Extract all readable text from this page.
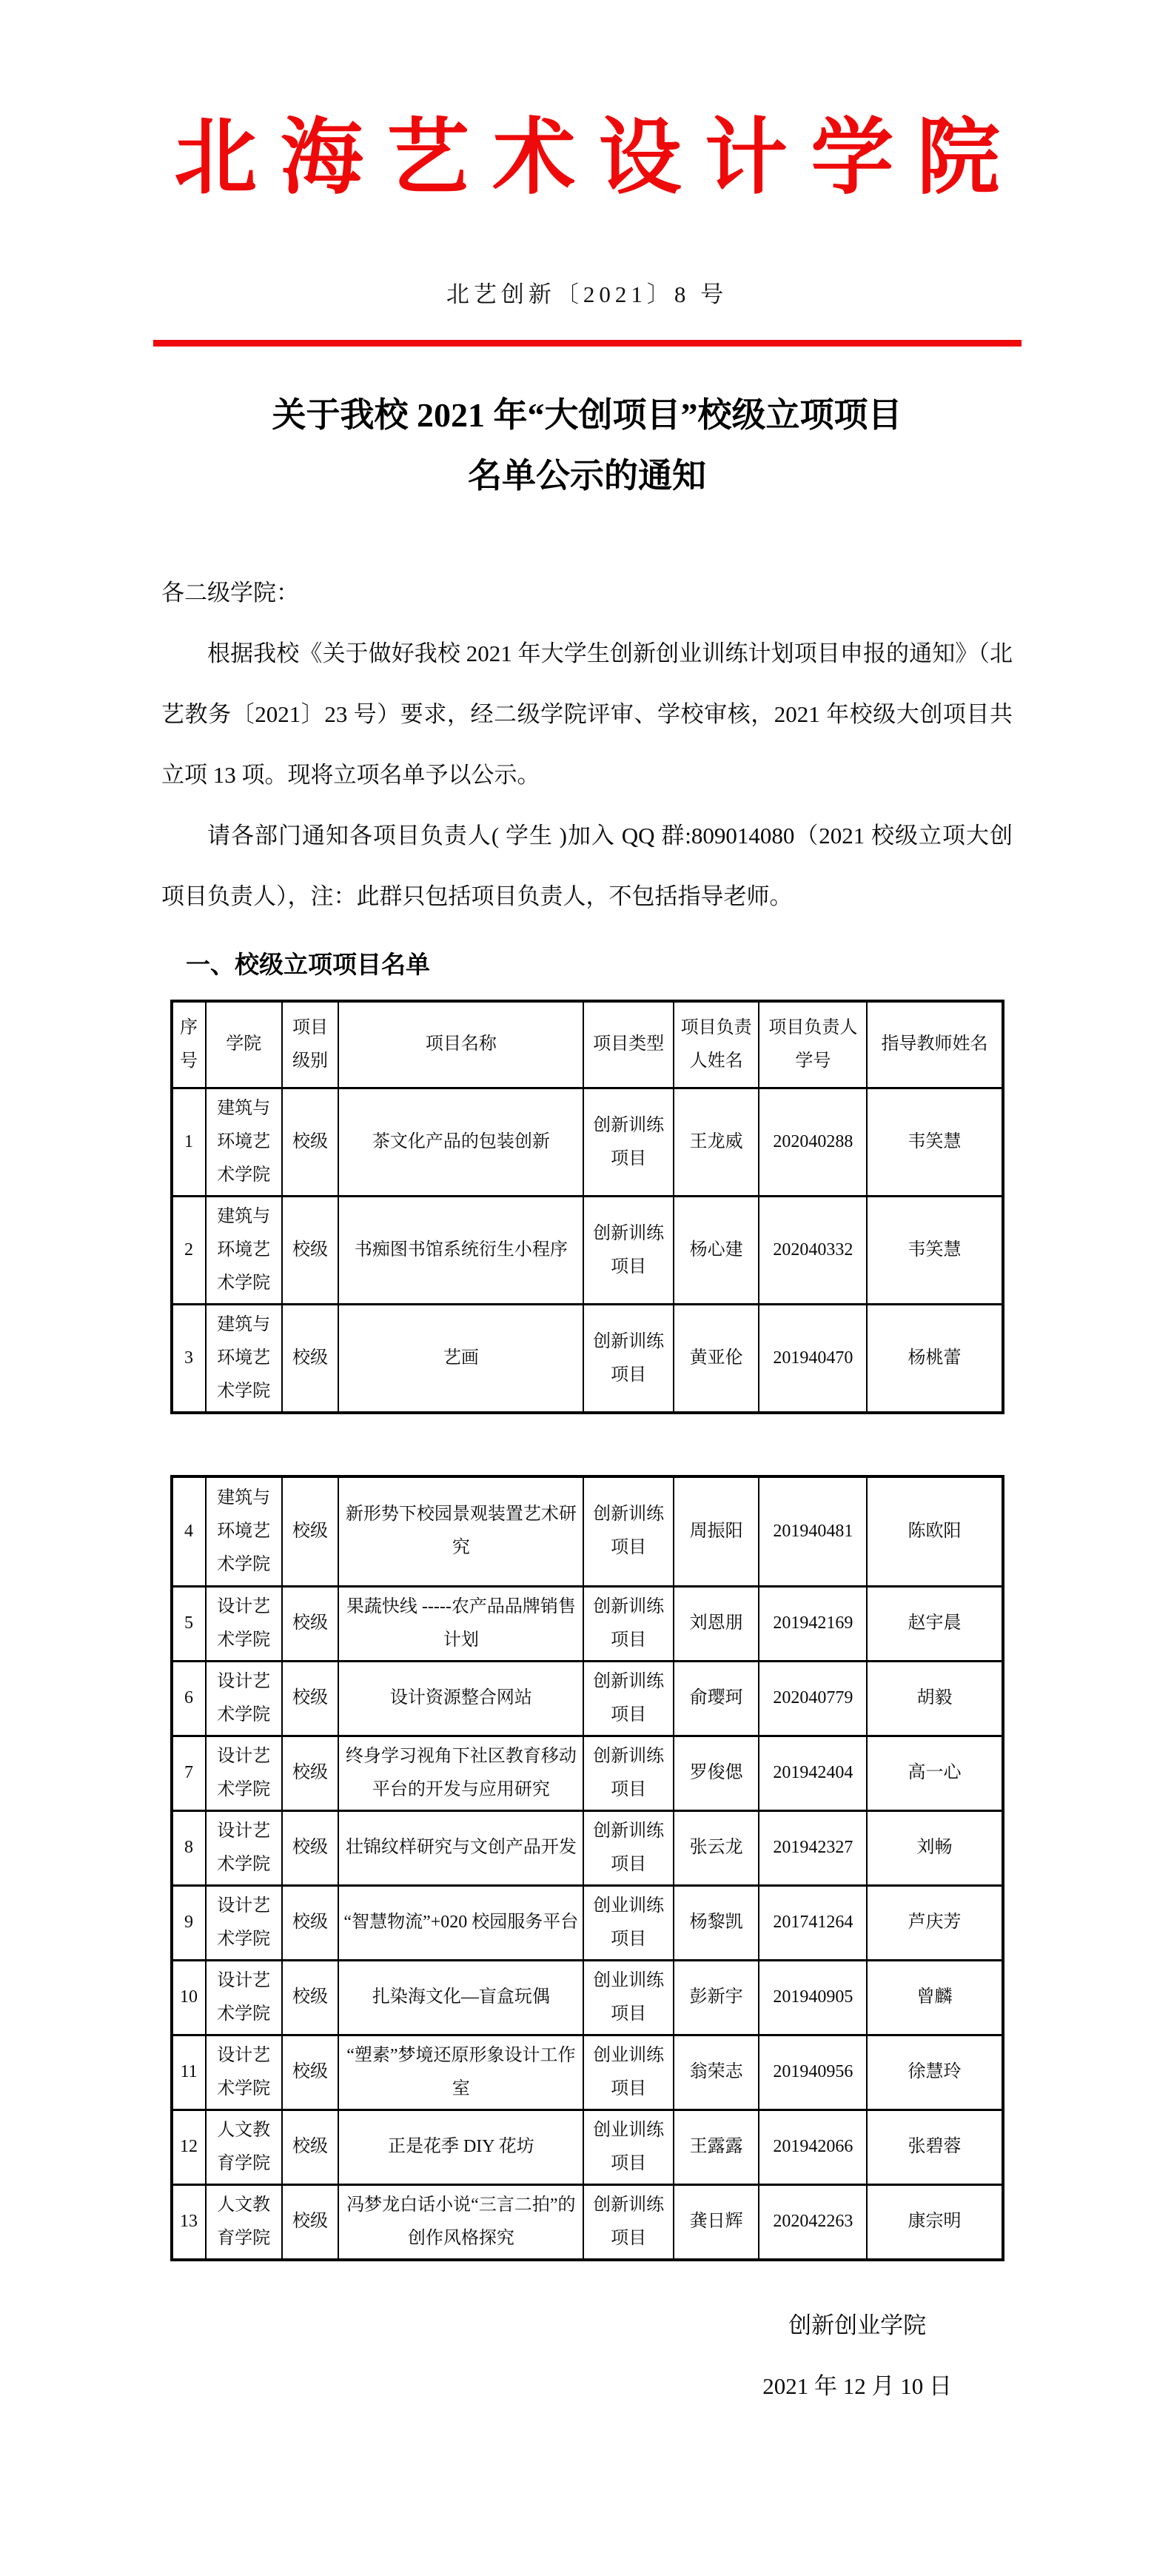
北海艺术设计学院
北艺创新〔2021〕8 号
关于我校 2021 年“大创项目”校级立项项目
名单公示的通知

各二级学院：

根据我校《关于做好我校 2021 年大学生创新创业训练计划项目申报的通知》（北艺教务〔2021〕23 号）要求，经二级学院评审、学校审核，2021 年校级大创项目共立项 13 项。现将立项名单予以公示。

请各部门通知各项目负责人( 学生 )加入 QQ 群:809014080（2021 校级立项大创项目负责人），注：此群只包括项目负责人，不包括指导老师。

一、校级立项项目名单
序号	学院	项目级别	项目名称	项目类型	项目负责人姓名	项目负责人学号	指导教师姓名
1	建筑与环境艺术学院	校级	茶文化产品的包装创新	创新训练项目	王龙威	202040288	韦笑慧
2	建筑与环境艺术学院	校级	书痴图书馆系统衍生小程序	创新训练项目	杨心建	202040332	韦笑慧
3	建筑与环境艺术学院	校级	艺画	创新训练项目	黄亚伦	201940470	杨桃蕾
4	建筑与环境艺术学院	校级	新形势下校园景观装置艺术研究	创新训练项目	周振阳	201940481	陈欧阳
5	设计艺术学院	校级	果蔬快线 -----农产品品牌销售计划	创新训练项目	刘恩朋	201942169	赵宇晨
6	设计艺术学院	校级	设计资源整合网站	创新训练项目	俞璎珂	202040779	胡毅
7	设计艺术学院	校级	终身学习视角下社区教育移动平台的开发与应用研究	创新训练项目	罗俊偲	201942404	高一心
8	设计艺术学院	校级	壮锦纹样研究与文创产品开发	创新训练项目	张云龙	201942327	刘畅
9	设计艺术学院	校级	“智慧物流”+020 校园服务平台	创业训练项目	杨黎凯	201741264	芦庆芳
10	设计艺术学院	校级	扎染海文化—盲盒玩偶	创业训练项目	彭新宇	201940905	曾麟
11	设计艺术学院	校级	“塑素”梦境还原形象设计工作室	创业训练项目	翁荣志	201940956	徐慧玲
12	人文教育学院	校级	正是花季 DIY 花坊	创业训练项目	王露露	201942066	张碧蓉
13	人文教育学院	校级	冯梦龙白话小说“三言二拍”的创作风格探究	创新训练项目	龚日辉	202042263	康宗明
创新创业学院
2021 年 12 月 10 日
